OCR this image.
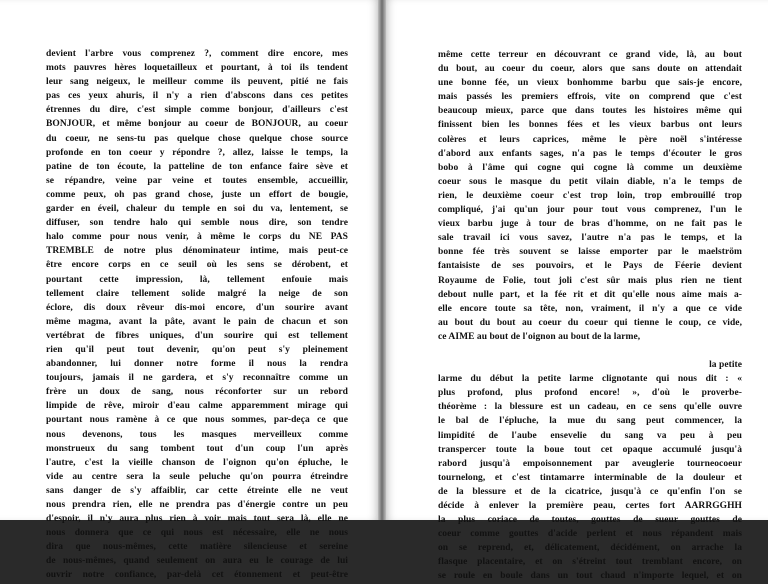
devient l'arbre vous comprenez ?, comment dire encore, mes
mots pauvres hères loquetailleux et pourtant, à toi ils tendent
leur sang neigeux, le meilleur comme ils peuvent, pitié ne fais
pas ces yeux ahuris, il n'y a rien d'abscons dans ces petites
étrennes du dire, c'est simple comme bonjour, d'ailleurs c'est
BONJOUR, et même bonjour au coeur de BONJOUR, au coeur
du coeur, ne sens-tu pas quelque chose quelque chose source
profonde en ton coeur y répondre ?, allez, laisse le temps, la
patine de ton écoute, la patteline de ton enfance faire sève et
se répandre, veine par veine et toutes ensemble, accueillir,
comme peux, oh pas grand chose, juste un effort de bougie,
garder en éveil, chaleur du temple en soi du va, lentement, se
diffuser, son tendre halo qui semble nous dire, son tendre
halo comme pour nous venir, à même le corps du NE PAS
TREMBLE de notre plus dénominateur intime, mais peut-ce
être encore corps en ce seuil où les sens se dérobent, et
pourtant cette impression, là, tellement enfouie mais
tellement claire tellement solide malgré la neige de son
éclore, dis doux rêveur dis-moi encore, d'un sourire avant
même magma, avant la pâte, avant le pain de chacun et son
vertébrat de fibres uniques, d'un sourire qui est tellement
rien qu'il peut tout devenir, qu'on peut s'y pleinement
abandonner, lui donner notre forme il nous la rendra
toujours, jamais il ne gardera, et s'y reconnaître comme un
frère un doux de sang, nous réconforter sur un rebord
limpide de rêve, miroir d'eau calme apparemment mirage qui
pourtant nous ramène à ce que nous sommes, par-deça ce que
nous devenons, tous les masques merveilleux comme
monstrueux du sang tombent tout d'un coup l'un après
l'autre, c'est la vieille chanson de l'oignon qu'on épluche, le
vide au centre sera la seule peluche qu'on pourra étreindre
sans danger de s'y affaiblir, car cette étreinte elle ne veut
nous prendra rien, elle ne prendra pas d'énergie contre un peu
d'espoir, il n'y aura plus rien à voir mais tout sera là, elle ne
nous donnera que ce qui nous est nécessaire, elle ne nous
dira que nous-mêmes, cette matière silencieuse et sereine
de nous-mêmes, quand seulement on aura eu le courage de lui
ouvrir notre confiance, par-delà cet étonnement et peut-être
même cette terreur en découvrant ce grand vide, là, au bout
du bout, au coeur du coeur, alors que sans doute on attendait
une bonne fée, un vieux bonhomme barbu que sais-je encore,
mais passés les premiers effrois, vite on comprend que c'est
beaucoup mieux, parce que dans toutes les histoires même qui
finissent bien les bonnes fées et les vieux barbus ont leurs
colères et leurs caprices, même le père noël s'intéresse
d'abord aux enfants sages, n'a pas le temps d'écouter le gros
bobo à l'âme qui cogne qui cogne là comme un deuxième
coeur sous le masque du petit vilain diable, n'a le temps de
rien, le deuxième coeur c'est trop loin, trop embrouillé trop
compliqué, j'ai qu'un jour pour tout vous comprenez, l'un le
vieux barbu juge à tour de bras d'homme, on ne fait pas le
sale travail ici vous savez, l'autre n'a pas le temps, et la
bonne fée très souvent se laisse emporter par le maelström
fantaisiste de ses pouvoirs, et le Pays de Féerie devient
Royaume de Folie, tout joli c'est sûr mais plus rien ne tient
debout nulle part, et la fée rit et dit qu'elle nous aime mais a-
elle encore toute sa tête, non, vraiment, il n'y a que ce vide
au bout du bout au coeur du coeur qui tienne le coup, ce vide,
ce AIME au bout de l'oignon au bout de la larme,
la petite
larme du début la petite larme clignotante qui nous dit : «
plus profond, plus profond encore! », d'où le proverbe-
théorème : la blessure est un cadeau, en ce sens qu'elle ouvre
le bal de l'épluche, la mue du sang peut commencer, la
limpidité de l'aube ensevelie du sang va peu à peu
transpercer toute la boue tout cet opaque accumulé jusqu'à
rabord jusqu'à empoisonnement par aveuglerie tourneocoeur
tournelong, et c'est tintamarre interminable de la douleur et
de la blessure et de la cicatrice, jusqu'à ce qu'enfin l'on se
décide à enlever la première peau, certes fort AARRGGHH
la plus coriace de toutes, gouttes de sueur gouttes de
coeur comme gouttes d'acide perlent et nous répandent mais
on se reprend, et, délicatement, décidément, on arrache la
flasque placentaire, et on s'étreint tout tremblant encore, on
se roule en boule dans un tout chaud n'importe lequel, et on
